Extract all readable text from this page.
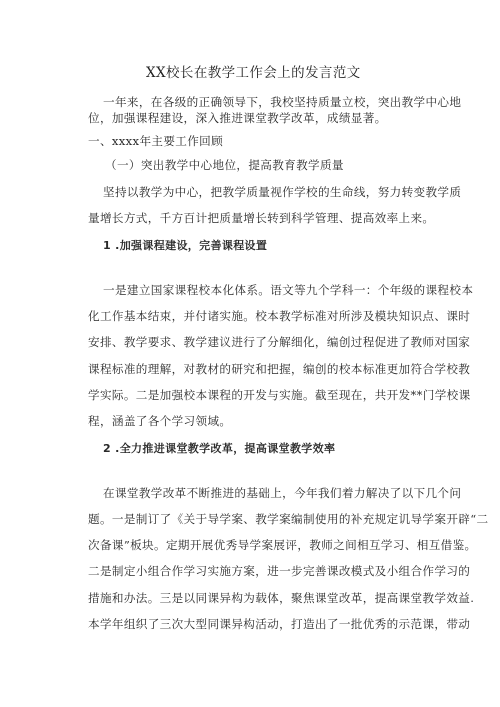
XX校长在教学工作会上的发言范文
一年来，在各级的正确领导下，我校坚持质量立校，突出教学中心地
位，加强课程建设，深入推进课堂教学改革，成绩显著。
一、xxxx年主要工作回顾
（一）突出教学中心地位，提高教育教学质量
坚持以教学为中心，把教学质量视作学校的生命线，努力转变教学质
量增长方式，千方百计把质量增长转到科学管理、提高效率上来。
1 .加强课程建设，完善课程设置
一是建立国家课程校本化体系。语文等九个学科一：个年级的课程校本
化工作基本结束，并付诸实施。校本教学标准对所涉及模块知识点、课时
安排、教学要求、教学建议进行了分解细化，编创过程促进了教师对国家
课程标准的理解，对教材的研究和把握，编创的校本标准更加符合学校教
学实际。二是加强校本课程的开发与实施。截至现在，共开发**门学校课
程，涵盖了各个学习领域。
2 .全力推进课堂教学改革，提高课堂教学效率
在课堂教学改革不断推进的基础上，今年我们着力解决了以下几个问
题。一是制订了《关于导学案、教学案编制使用的补充规定讥导学案开辟“二
次备课”板块。定期开展优秀导学案展评，教师之间相互学习、相互借鉴。
二是制定小组合作学习实施方案，进一步完善课改模式及小组合作学习的
措施和办法。三是以同课异构为载体，聚焦课堂改革，提高课堂教学效益.
本学年组织了三次大型同课异构活动，打造出了一批优秀的示范课，带动
